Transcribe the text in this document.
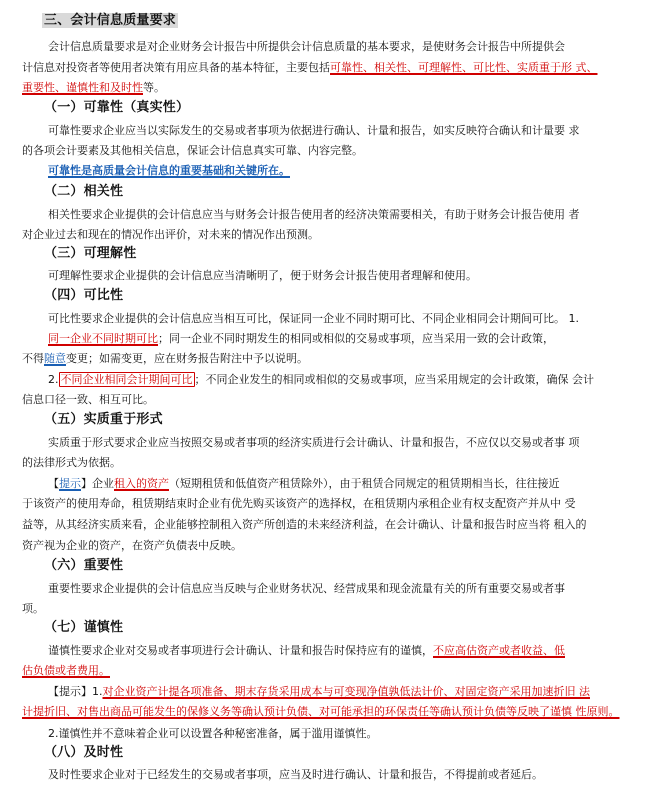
三、会计信息质量要求
会计信息质量要求是对企业财务会计报告中所提供会计信息质量的基本要求，是使财务会计报告中所提供会
计信息对投资者等使用者决策有用应具备的基本特征，主要包括可靠性、相关性、可理解性、可比性、实质重于形 式、
重要性、谨慎性和及时性等。
（一）可靠性（真实性）
可靠性要求企业应当以实际发生的交易或者事项为依据进行确认、计量和报告，如实反映符合确认和计量要 求
的各项会计要素及其他相关信息，保证会计信息真实可靠、内容完整。
可靠性是高质量会计信息的重要基础和关键所在。
（二）相关性
相关性要求企业提供的会计信息应当与财务会计报告使用者的经济决策需要相关，有助于财务会计报告使用 者
对企业过去和现在的情况作出评价，对未来的情况作出预测。
（三）可理解性
可理解性要求企业提供的会计信息应当清晰明了，便于财务会计报告使用者理解和使用。
（四）可比性
可比性要求企业提供的会计信息应当相互可比，保证同一企业不同时期可比、不同企业相同会计期间可比。 1.
同一企业不同时期可比；同一企业不同时期发生的相同或相似的交易或事项，应当采用一致的会计政策，
不得随意变更；如需变更，应在财务报告附注中予以说明。
2. 不同企业相同会计期间可比 ；不同企业发生的相同或相似的交易或事项，应当采用规定的会计政策，确保 会计
信息口径一致、相互可比。
（五）实质重于形式
实质重于形式要求企业应当按照交易或者事项的经济实质进行会计确认、计量和报告，不应仅以交易或者事 项
的法律形式为依据。
【提示】企业租入的资产（短期租赁和低值资产租赁除外），由于租赁合同规定的租赁期相当长，往往接近
于该资产的使用寿命，租赁期结束时企业有优先购买该资产的选择权，在租赁期内承租企业有权支配资产并从中 受
益等，从其经济实质来看，企业能够控制租入资产所创造的未来经济利益，在会计确认、计量和报告时应当将 租入的
资产视为企业的资产，在资产负债表中反映。
（六）重要性
重要性要求企业提供的会计信息应当反映与企业财务状况、经营成果和现金流量有关的所有重要交易或者事
项。
（七）谨慎性
谨慎性要求企业对交易或者事项进行会计确认、计量和报告时保持应有的谨慎，不应高估资产或者收益、低
估负债或者费用。
【提示】1.对企业资产计提各项准备、期末存货采用成本与可变现净值孰低法计价、对固定资产采用加速折旧 法
计提折旧、对售出商品可能发生的保修义务等确认预计负债、对可能承担的环保责任等确认预计负债等反映了谨慎 性原则。
2.谨慎性并不意味着企业可以设置各种秘密准备，属于滥用谨慎性。
（八）及时性
及时性要求企业对于已经发生的交易或者事项，应当及时进行确认、计量和报告，不得提前或者延后。
